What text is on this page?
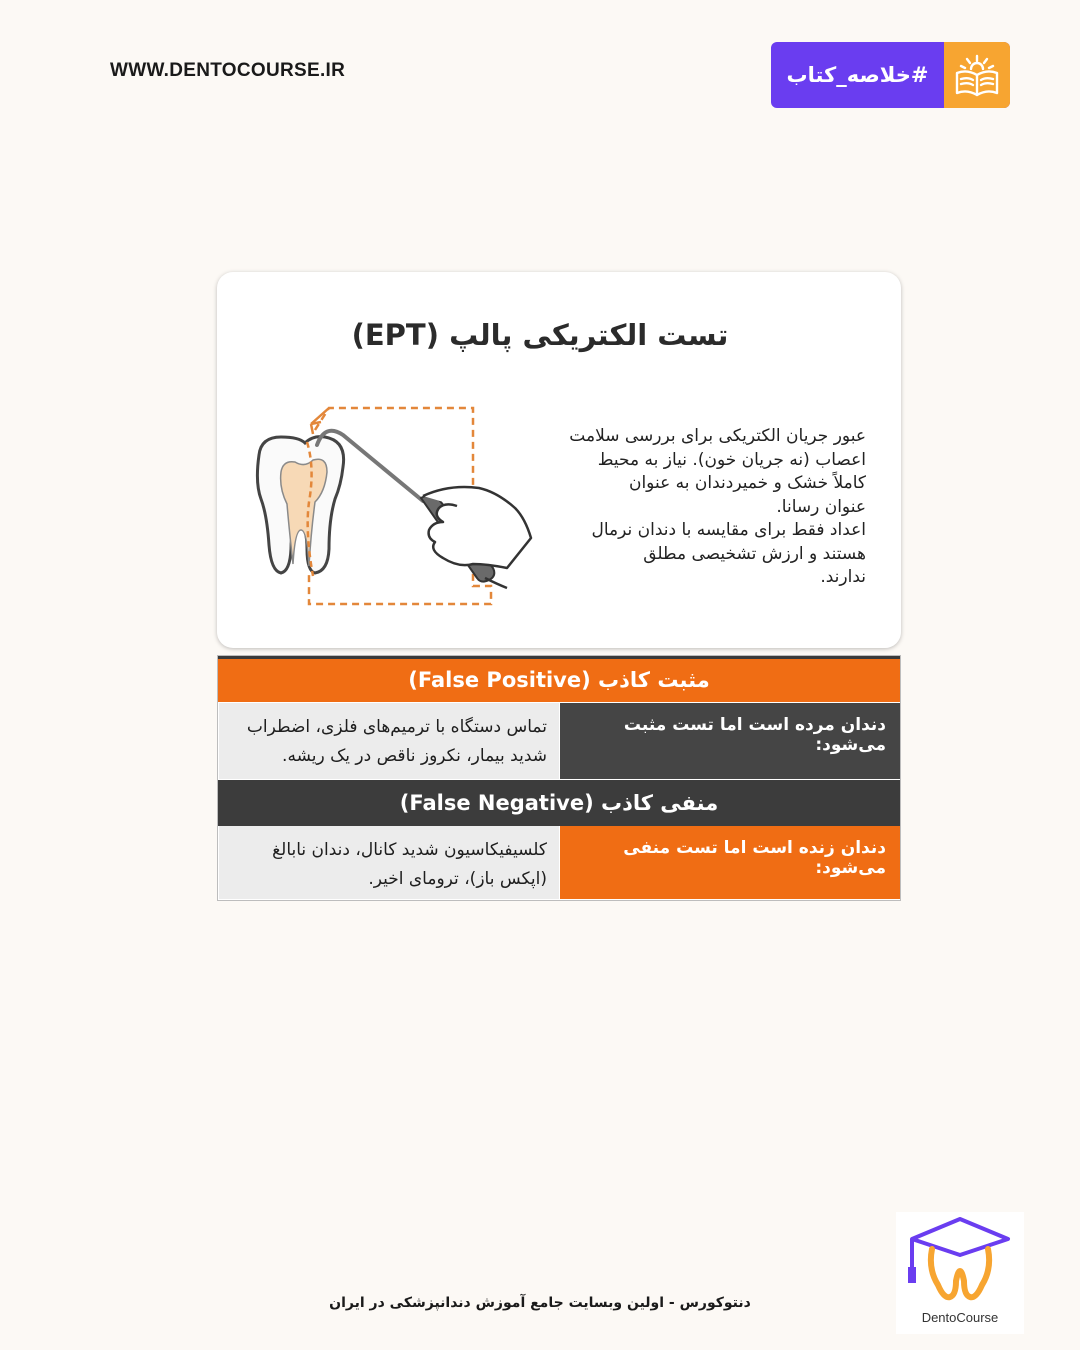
WWW.DENTOCOURSE.IR	#خلاصه_کتاب
تست الکتریکی پالپ (EPT)
عبور جریان الکتریکی برای بررسی سلامت
اعصاب (نه جریان خون). نیاز به محیط
کاملاً خشک و خمیردندان به عنوان
عنوان رسانا.
اعداد فقط برای مقایسه با دندان نرمال
هستند و ارزش تشخیصی مطلق
ندارند.
مثبت کاذب (False Positive)
دندان مرده است اما تست مثبت می‌شود:
تماس دستگاه با ترمیم‌های فلزی، اضطراب
شدید بیمار، نکروز ناقص در یک ریشه.
منفی کاذب (False Negative)
دندان زنده است اما تست منفی می‌شود:
کلسیفیکاسیون شدید کانال، دندان نابالغ
(اپکس باز)، ترومای اخیر.
دنتوکورس - اولین وبسایت جامع آموزش دندانپزشکی در ایران
DentoCourse
